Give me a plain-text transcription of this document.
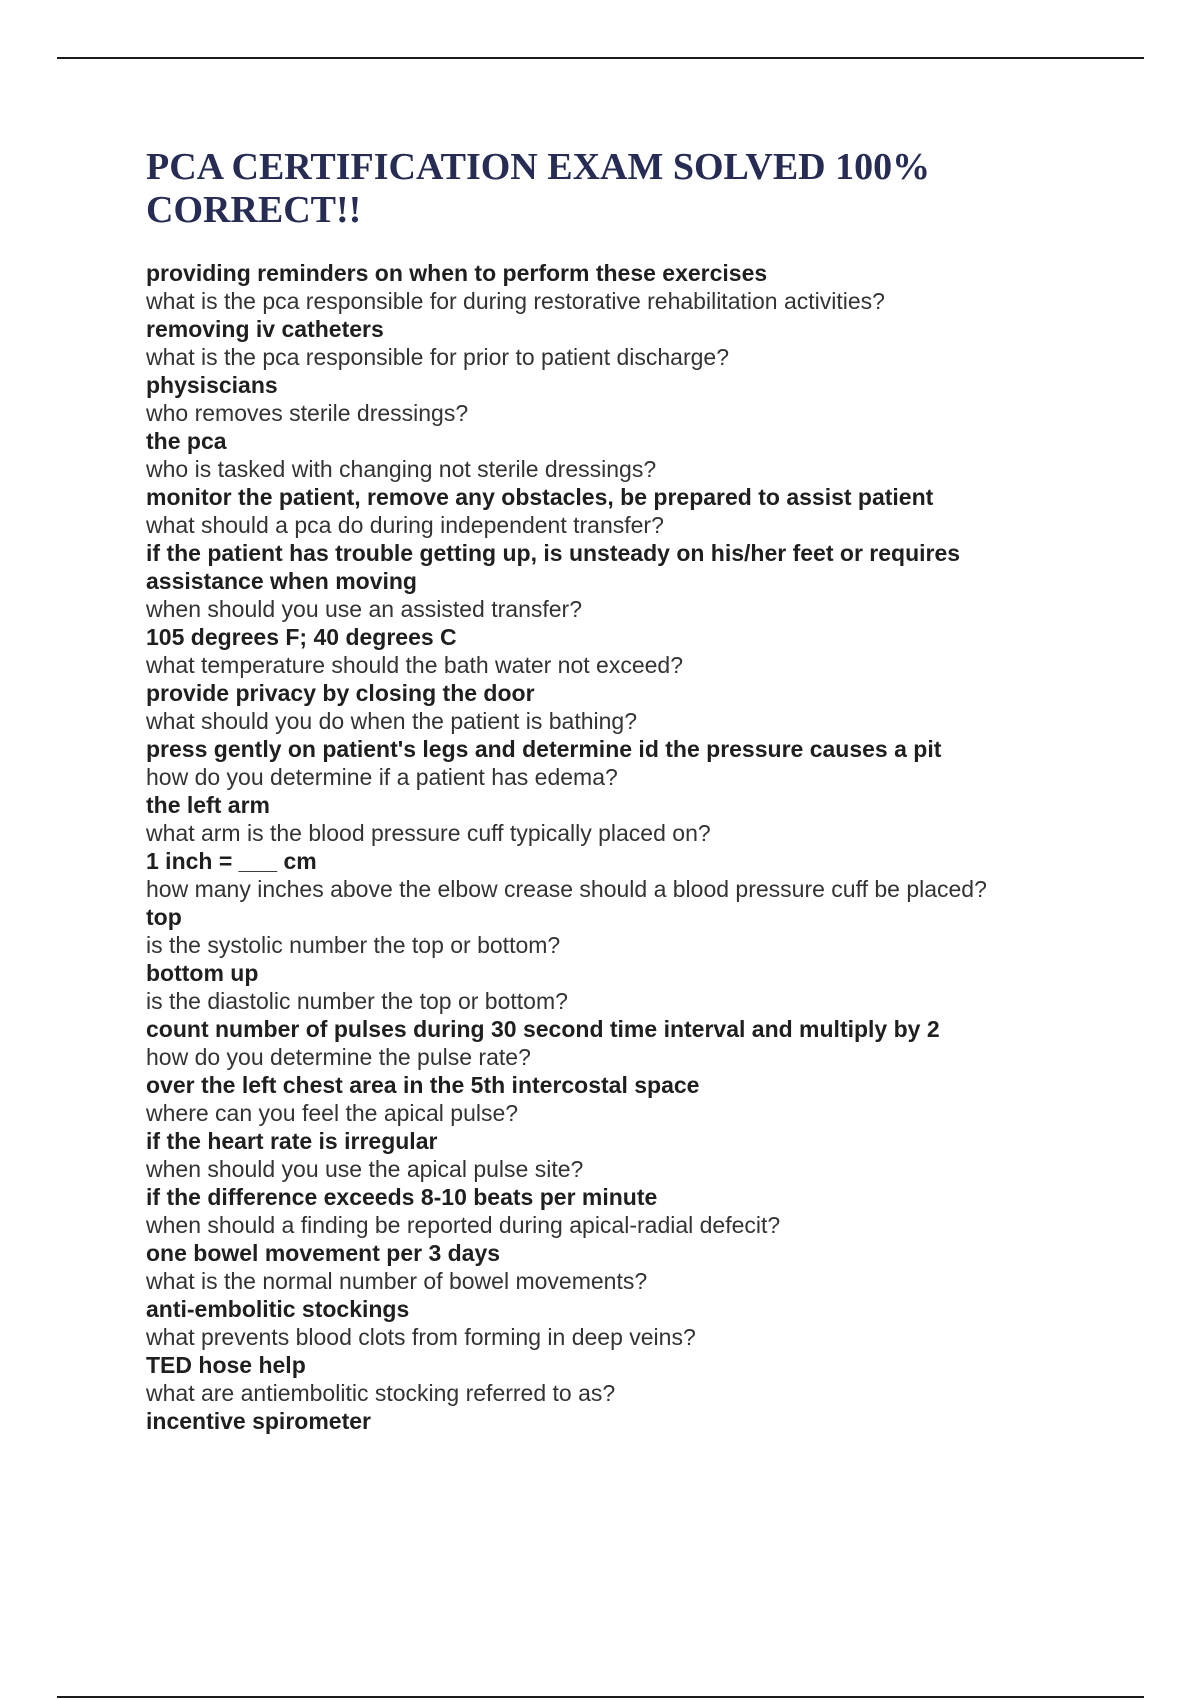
PCA CERTIFICATION EXAM SOLVED 100% CORRECT!!
providing reminders on when to perform these exercises
what is the pca responsible for during restorative rehabilitation activities?
removing iv catheters
what is the pca responsible for prior to patient discharge?
physiscians
who removes sterile dressings?
the pca
who is tasked with changing not sterile dressings?
monitor the patient, remove any obstacles, be prepared to assist patient
what should a pca do during independent transfer?
if the patient has trouble getting up, is unsteady on his/her feet or requires assistance when moving
when should you use an assisted transfer?
105 degrees F; 40 degrees C
what temperature should the bath water not exceed?
provide privacy by closing the door
what should you do when the patient is bathing?
press gently on patient's legs and determine id the pressure causes a pit
how do you determine if a patient has edema?
the left arm
what arm is the blood pressure cuff typically placed on?
1 inch = ___ cm
how many inches above the elbow crease should a blood pressure cuff be placed?
top
is the systolic number the top or bottom?
bottom up
is the diastolic number the top or bottom?
count number of pulses during 30 second time interval and multiply by 2
how do you determine the pulse rate?
over the left chest area in the 5th intercostal space
where can you feel the apical pulse?
if the heart rate is irregular
when should you use the apical pulse site?
if the difference exceeds 8-10 beats per minute
when should a finding be reported during apical-radial defecit?
one bowel movement per 3 days
what is the normal number of bowel movements?
anti-embolitic stockings
what prevents blood clots from forming in deep veins?
TED hose help
what are antiembolitic stocking referred to as?
incentive spirometer
